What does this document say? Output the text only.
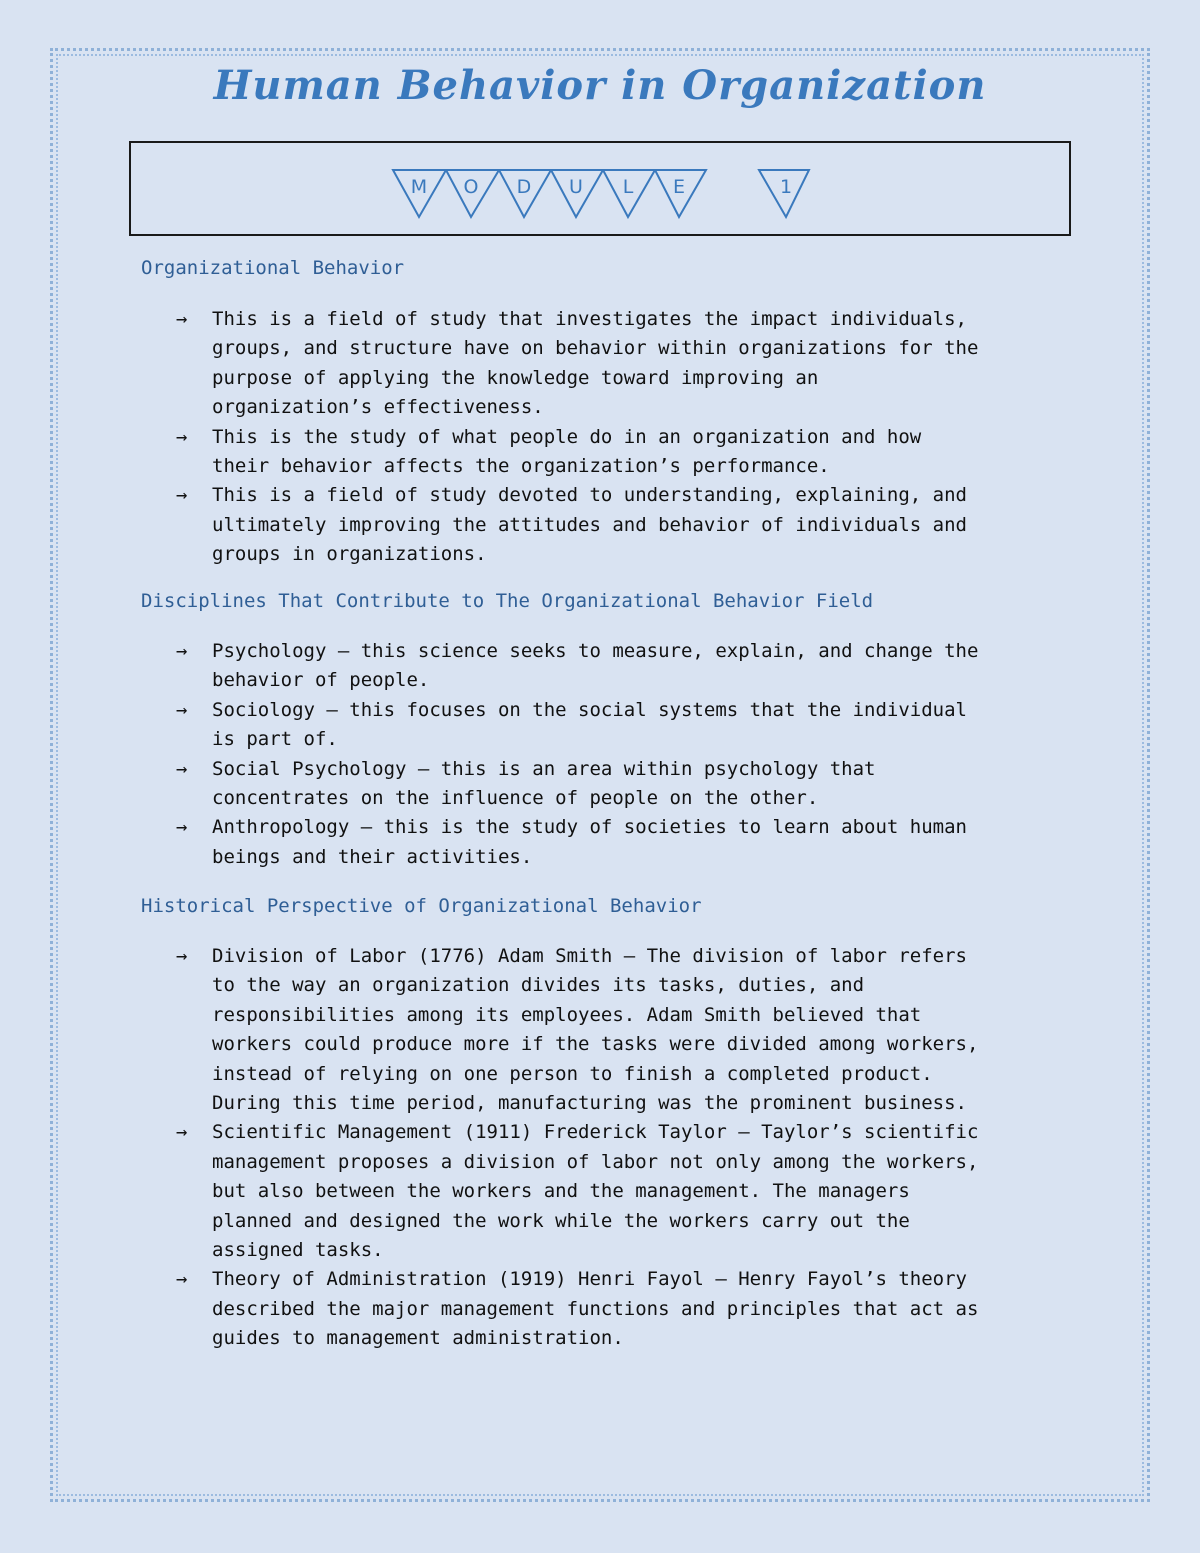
Human Behavior in Organization
M O D U L E	1
Organizational Behavior
→ This is a field of study that investigates the impact individuals,
groups, and structure have on behavior within organizations for the
purpose of applying the knowledge toward improving an
organization’s effectiveness.
→ This is the study of what people do in an organization and how
their behavior affects the organization’s performance.
→ This is a field of study devoted to understanding, explaining, and
ultimately improving the attitudes and behavior of individuals and
groups in organizations.
Disciplines That Contribute to The Organizational Behavior Field
→ Psychology – this science seeks to measure, explain, and change the
behavior of people.
→ Sociology – this focuses on the social systems that the individual
is part of.
→ Social Psychology – this is an area within psychology that
concentrates on the influence of people on the other.
→ Anthropology – this is the study of societies to learn about human
beings and their activities.
Historical Perspective of Organizational Behavior
→ Division of Labor (1776) Adam Smith – The division of labor refers
to the way an organization divides its tasks, duties, and
responsibilities among its employees. Adam Smith believed that
workers could produce more if the tasks were divided among workers,
instead of relying on one person to finish a completed product.
During this time period, manufacturing was the prominent business.
→ Scientific Management (1911) Frederick Taylor – Taylor’s scientific
management proposes a division of labor not only among the workers,
but also between the workers and the management. The managers
planned and designed the work while the workers carry out the
assigned tasks.
→ Theory of Administration (1919) Henri Fayol – Henry Fayol’s theory
described the major management functions and principles that act as
guides to management administration.
